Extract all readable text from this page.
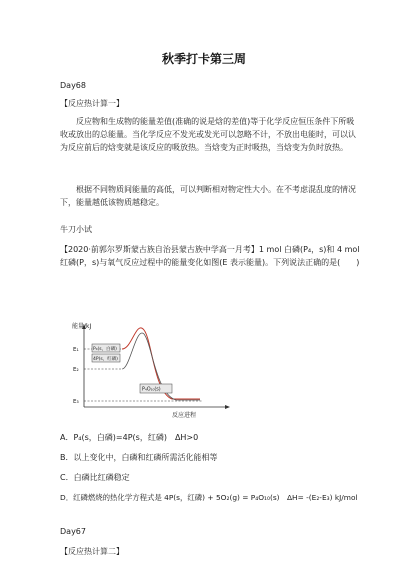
秋季打卡第三周
Day68
【反应热计算一】

反应物和生成物的能量差值(准确的说是焓的差值)等于化学反应恒压条件下所吸收或放出的总能量。当化学反应不发光或发光可以忽略不计，不放出电能时，可以认为反应前后的焓变就是该反应的吸放热。当焓变为正时吸热，当焓变为负时放热。

根据不同物质间能量的高低，可以判断相对物定性大小。在不考虑混乱度的情况下，能量越低该物质越稳定。

牛刀小试

【2020·前郭尔罗斯蒙古族自治县蒙古族中学高一月考】1 mol 白磷(P₄，s)和 4 mol 红磷(P，s)与氧气反应过程中的能量变化如图(E 表示能量)。下列说法正确的是(　　)

能量/kJ
反应进程
E₁
E₂
E₃
P₄(s，白磷)
4P(s，红磷)
P₄O₁₀(s)
A．P₄(s，白磷)=4P(s，红磷)　ΔH>0
B．以上变化中，白磷和红磷所需活化能相等
C．白磷比红磷稳定
D．红磷燃烧的热化学方程式是 4P(s，红磷) + 5O₂(g) = P₄O₁₀(s)　ΔH= -(E₂-E₃) kJ/mol
Day67
【反应热计算二】
